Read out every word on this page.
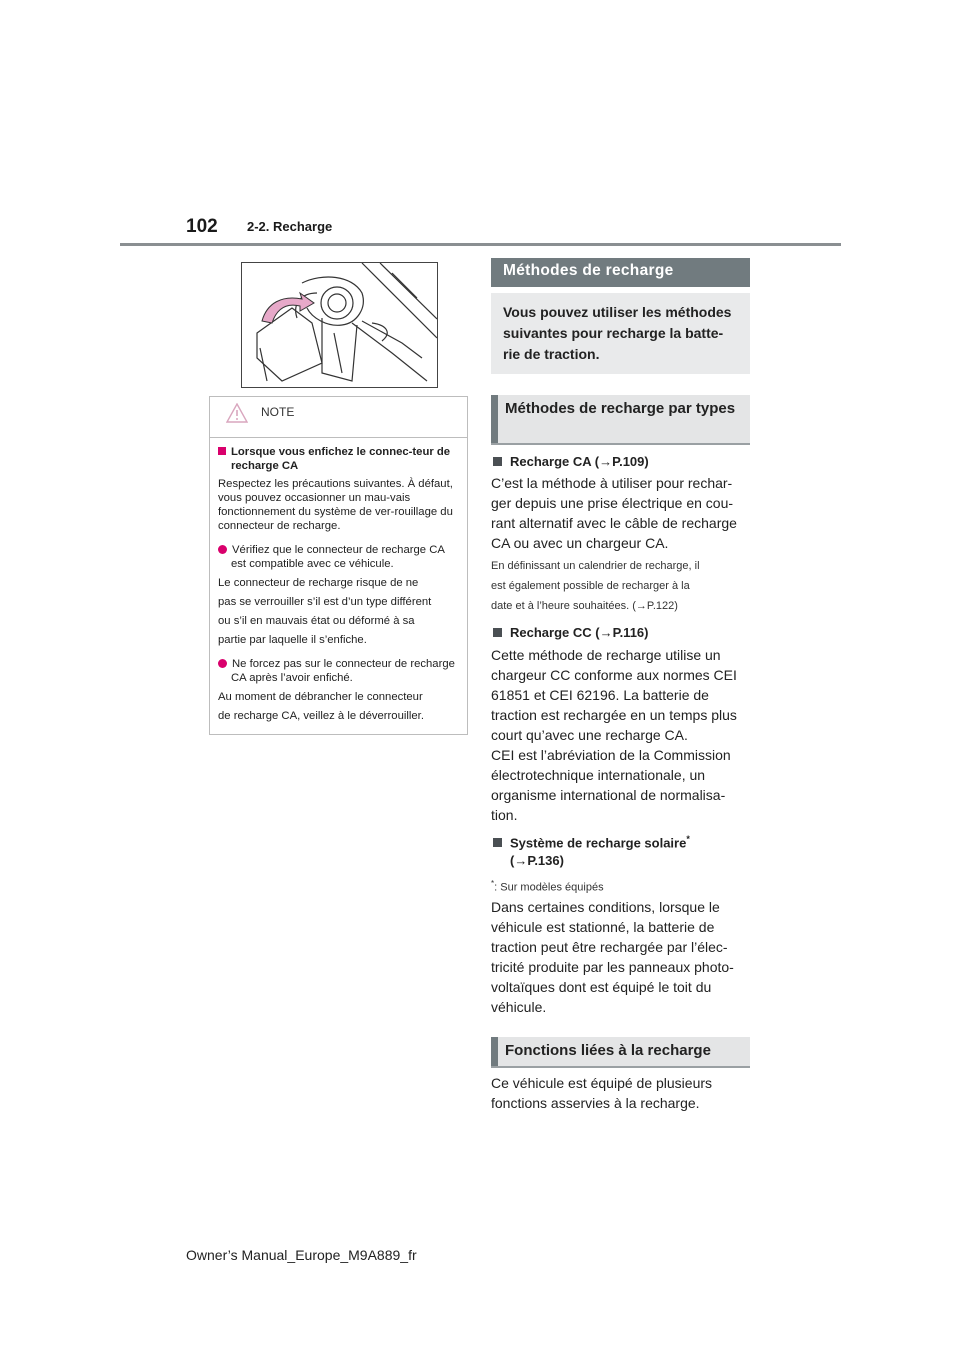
102 2-2. Recharge
NOTE
Lorsque vous enfichez le connec-teur de recharge CA
Respectez les précautions suivantes. À défaut, vous pouvez occasionner un mau-vais fonctionnement du système de ver-rouillage du connecteur de recharge.
Vérifiez que le connecteur de recharge CA est compatible avec ce véhicule.
Le connecteur de recharge risque de ne
pas se verrouiller s’il est d’un type différent
ou s’il en mauvais état ou déformé à sa
partie par laquelle il s’enfiche.
Ne forcez pas sur le connecteur de recharge CA après l’avoir enfiché.
Au moment de débrancher le connecteur
de recharge CA, veillez à le déverrouiller.
Méthodes de recharge
Vous pouvez utiliser les méthodes suivantes pour recharge la batte-rie de traction.
Méthodes de recharge par types
Recharge CA (→P.109)
C’est la méthode à utiliser pour rechar-ger depuis une prise électrique en cou-rant alternatif avec le câble de recharge CA ou avec un chargeur CA.
En définissant un calendrier de recharge, il
est également possible de recharger à la
date et à l’heure souhaitées. (→P.122)
Recharge CC (→P.116)
Cette méthode de recharge utilise un chargeur CC conforme aux normes CEI 61851 et CEI 62196. La batterie de traction est rechargée en un temps plus court qu’avec une recharge CA.
CEI est l’abréviation de la Commission électrotechnique internationale, un organisme international de normalisa-tion.
Système de recharge solaire*
(→P.136)
*: Sur modèles équipés
Dans certaines conditions, lorsque le véhicule est stationné, la batterie de traction peut être rechargée par l’élec-tricité produite par les panneaux photo-voltaïques dont est équipé le toit du véhicule.
Fonctions liées à la recharge
Ce véhicule est équipé de plusieurs fonctions asservies à la recharge.
Owner’s Manual_Europe_M9A889_fr
